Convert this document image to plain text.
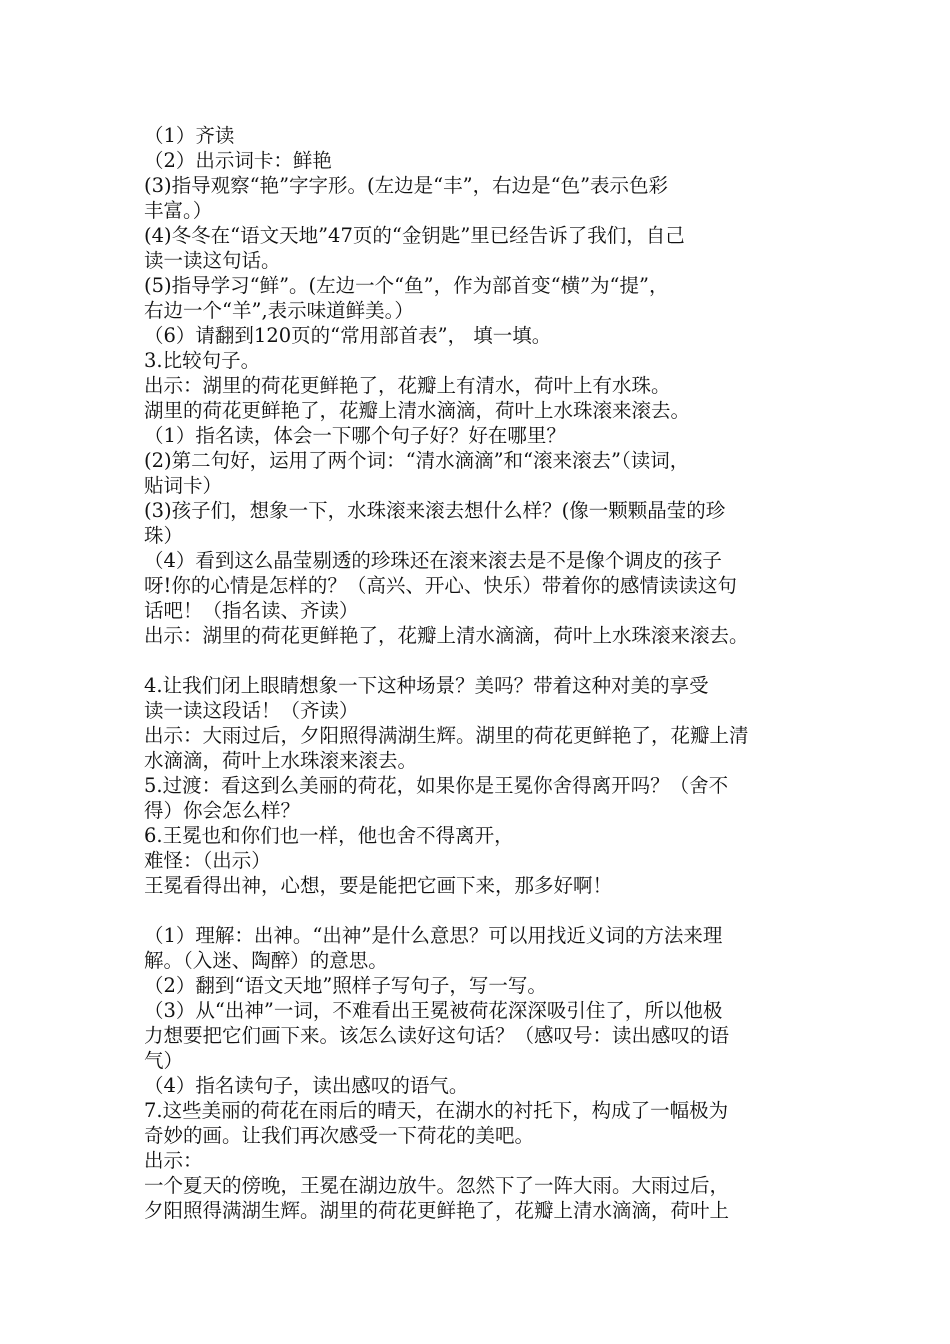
（1）齐读
（2）出示词卡：鲜艳
(3)指导观察“艳”字字形。(左边是“丰”，右边是“色”表示色彩
丰富。）
(4)冬冬在“语文天地”47页的“金钥匙”里已经告诉了我们，自己
读一读这句话。
(5)指导学习“鲜”。(左边一个“鱼”，作为部首变“横”为“提”，
右边一个“羊”,表示味道鲜美。）
（6）请翻到120页的“常用部首表”， 填一填。
3.比较句子。
出示：湖里的荷花更鲜艳了，花瓣上有清水，荷叶上有水珠。
湖里的荷花更鲜艳了，花瓣上清水滴滴，荷叶上水珠滚来滚去。
（1）指名读，体会一下哪个句子好？好在哪里？
(2)第二句好，运用了两个词：“清水滴滴”和“滚来滚去”（读词，
贴词卡）
(3)孩子们，想象一下，水珠滚来滚去想什么样？(像一颗颗晶莹的珍
珠）
（4）看到这么晶莹剔透的珍珠还在滚来滚去是不是像个调皮的孩子
呀!你的心情是怎样的？（高兴、开心、快乐）带着你的感情读读这句
话吧！（指名读、齐读）
出示：湖里的荷花更鲜艳了，花瓣上清水滴滴，荷叶上水珠滚来滚去。
4.让我们闭上眼睛想象一下这种场景？美吗？带着这种对美的享受
读一读这段话！（齐读）
出示：大雨过后，夕阳照得满湖生辉。湖里的荷花更鲜艳了，花瓣上清
水滴滴，荷叶上水珠滚来滚去。
5.过渡：看这到么美丽的荷花，如果你是王冕你舍得离开吗？（舍不
得）你会怎么样？
6.王冕也和你们也一样，他也舍不得离开，
难怪：（出示）
王冕看得出神，心想，要是能把它画下来，那多好啊！
（1）理解：出神。“出神”是什么意思？可以用找近义词的方法来理
解。（入迷、陶醉）的意思。
（2）翻到“语文天地”照样子写句子，写一写。
（3）从“出神”一词，不难看出王冕被荷花深深吸引住了，所以他极
力想要把它们画下来。该怎么读好这句话？（感叹号：读出感叹的语
气）
（4）指名读句子，读出感叹的语气。
7.这些美丽的荷花在雨后的晴天，在湖水的衬托下，构成了一幅极为
奇妙的画。让我们再次感受一下荷花的美吧。
出示：
一个夏天的傍晚，王冕在湖边放牛。忽然下了一阵大雨。大雨过后，
夕阳照得满湖生辉。湖里的荷花更鲜艳了，花瓣上清水滴滴，荷叶上
